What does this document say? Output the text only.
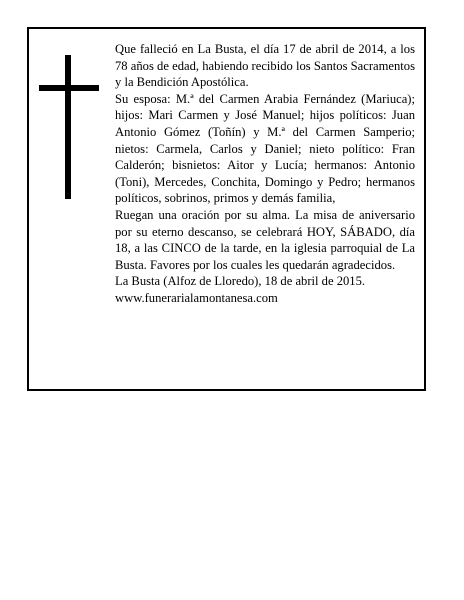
Que falleció en La Busta, el día 17 de abril de 2014, a los 78 años de edad, habiendo recibido los Santos Sacramentos y la Bendición Apostólica.

Su esposa: M.ª del Carmen Arabia Fernández (Mariuca); hijos: Mari Carmen y José Manuel; hijos políticos: Juan Antonio Gómez (Toñín) y M.ª del Carmen Samperio; nietos: Carmela, Carlos y Daniel; nieto político: Fran Calderón; bisnietos: Aitor y Lucía; hermanos: Antonio (Toni), Mercedes, Conchita, Domingo y Pedro; hermanos políticos, sobrinos, primos y demás familia,

Ruegan una oración por su alma. La misa de aniversario por su eterno descanso, se celebrará HOY, SÁBADO, día 18, a las CINCO de la tarde, en la iglesia parroquial de La Busta. Favores por los cuales les quedarán agradecidos.

La Busta (Alfoz de Lloredo), 18 de abril de 2015.

www.funerarialamontanesa.com
